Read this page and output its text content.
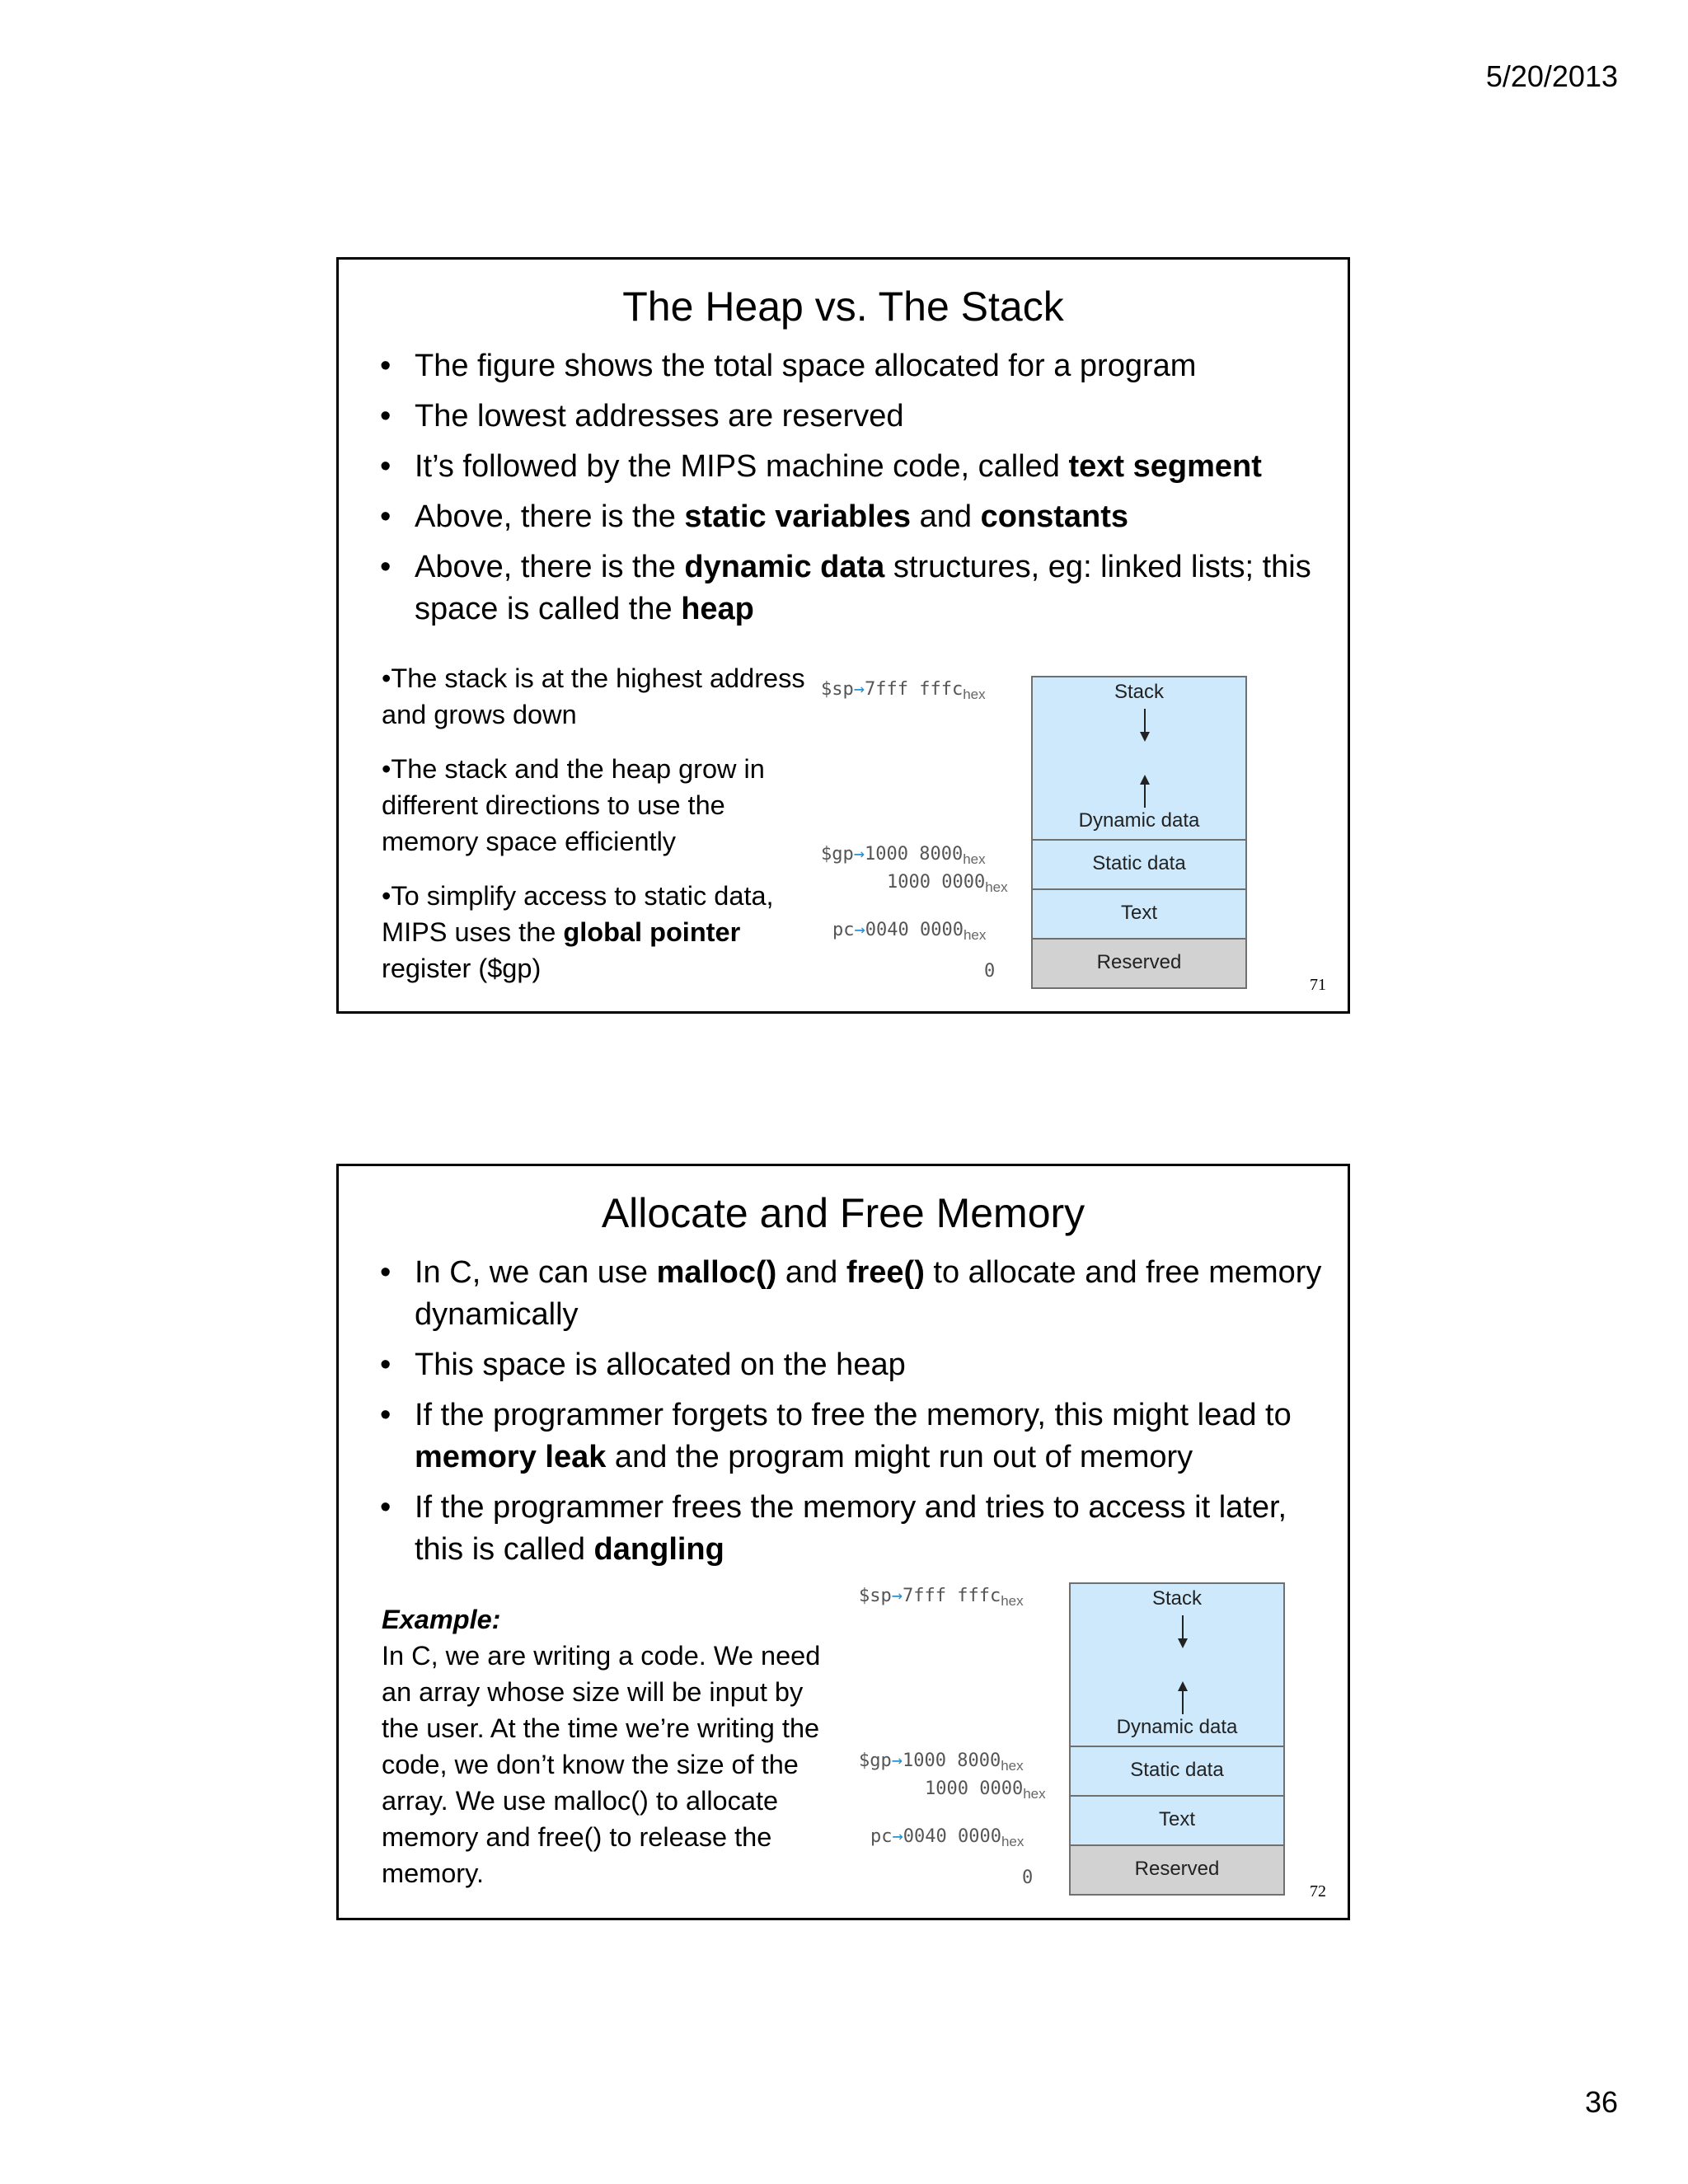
5/20/2013
The Heap vs. The Stack
• The figure shows the total space allocated for a program
• The lowest addresses are reserved
• It’s followed by the MIPS machine code, called text segment
• Above, there is the static variables and constants
• Above, there is the dynamic data structures, eg: linked lists; this space is called the heap

•The stack is at the highest address and grows down

•The stack and the heap grow in different directions to use the memory space efficiently

•To simplify access to static data, MIPS uses the global pointer register ($gp)

Stack
Dynamic data
Static data
Text
Reserved
$sp→7fff fffc$_{hex}$
$gp→1000 $8000_{hex}$
1000 $0000_{hex}$
pc→0040 $0000_{hex}$
0
71
Allocate and Free Memory
• In C, we can use malloc() and free() to allocate and free memory dynamically
• This space is allocated on the heap
• If the programmer forgets to free the memory, this might lead to memory leak and the program might run out of memory
• If the programmer frees the memory and tries to access it later, this is called dangling
Example:
In C, we are writing a code. We need an array whose size will be input by the user. At the time we’re writing the code, we don’t know the size of the array. We use malloc() to allocate memory and free() to release the memory.
Stack
Dynamic data
Static data
Text
Reserved
$sp→7fff fffc$_{hex}$
$gp→1000 $8000_{hex}$
1000 $0000_{hex}$
pc→0040 $0000_{hex}$
0
72
36
